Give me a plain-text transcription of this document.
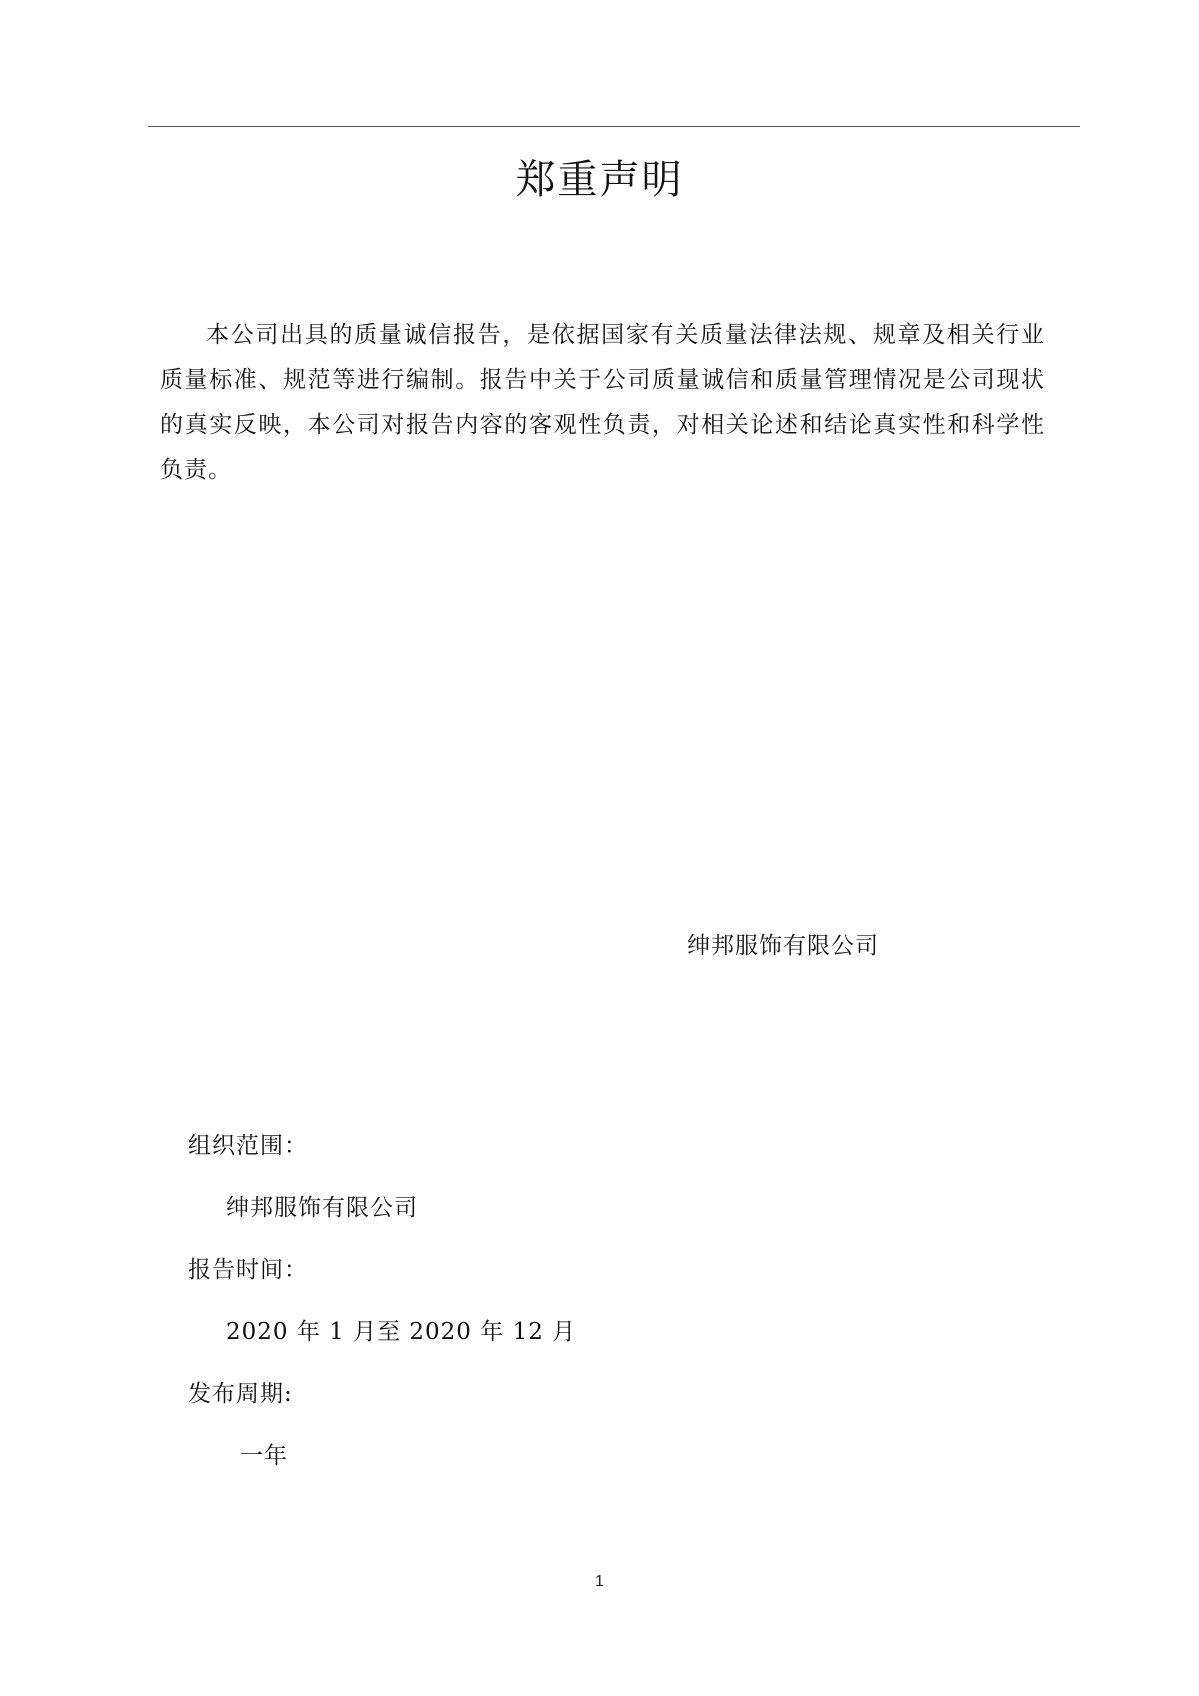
郑重声明

本公司出具的质量诚信报告，是依据国家有关质量法律法规、规章及相关行业质量标准、规范等进行编制。报告中关于公司质量诚信和质量管理情况是公司现状的真实反映，本公司对报告内容的客观性负责，对相关论述和结论真实性和科学性负责。

绅邦服饰有限公司
组织范围：
绅邦服饰有限公司
报告时间：
2020 年 1 月至 2020 年 12 月
发布周期:
一年
1
